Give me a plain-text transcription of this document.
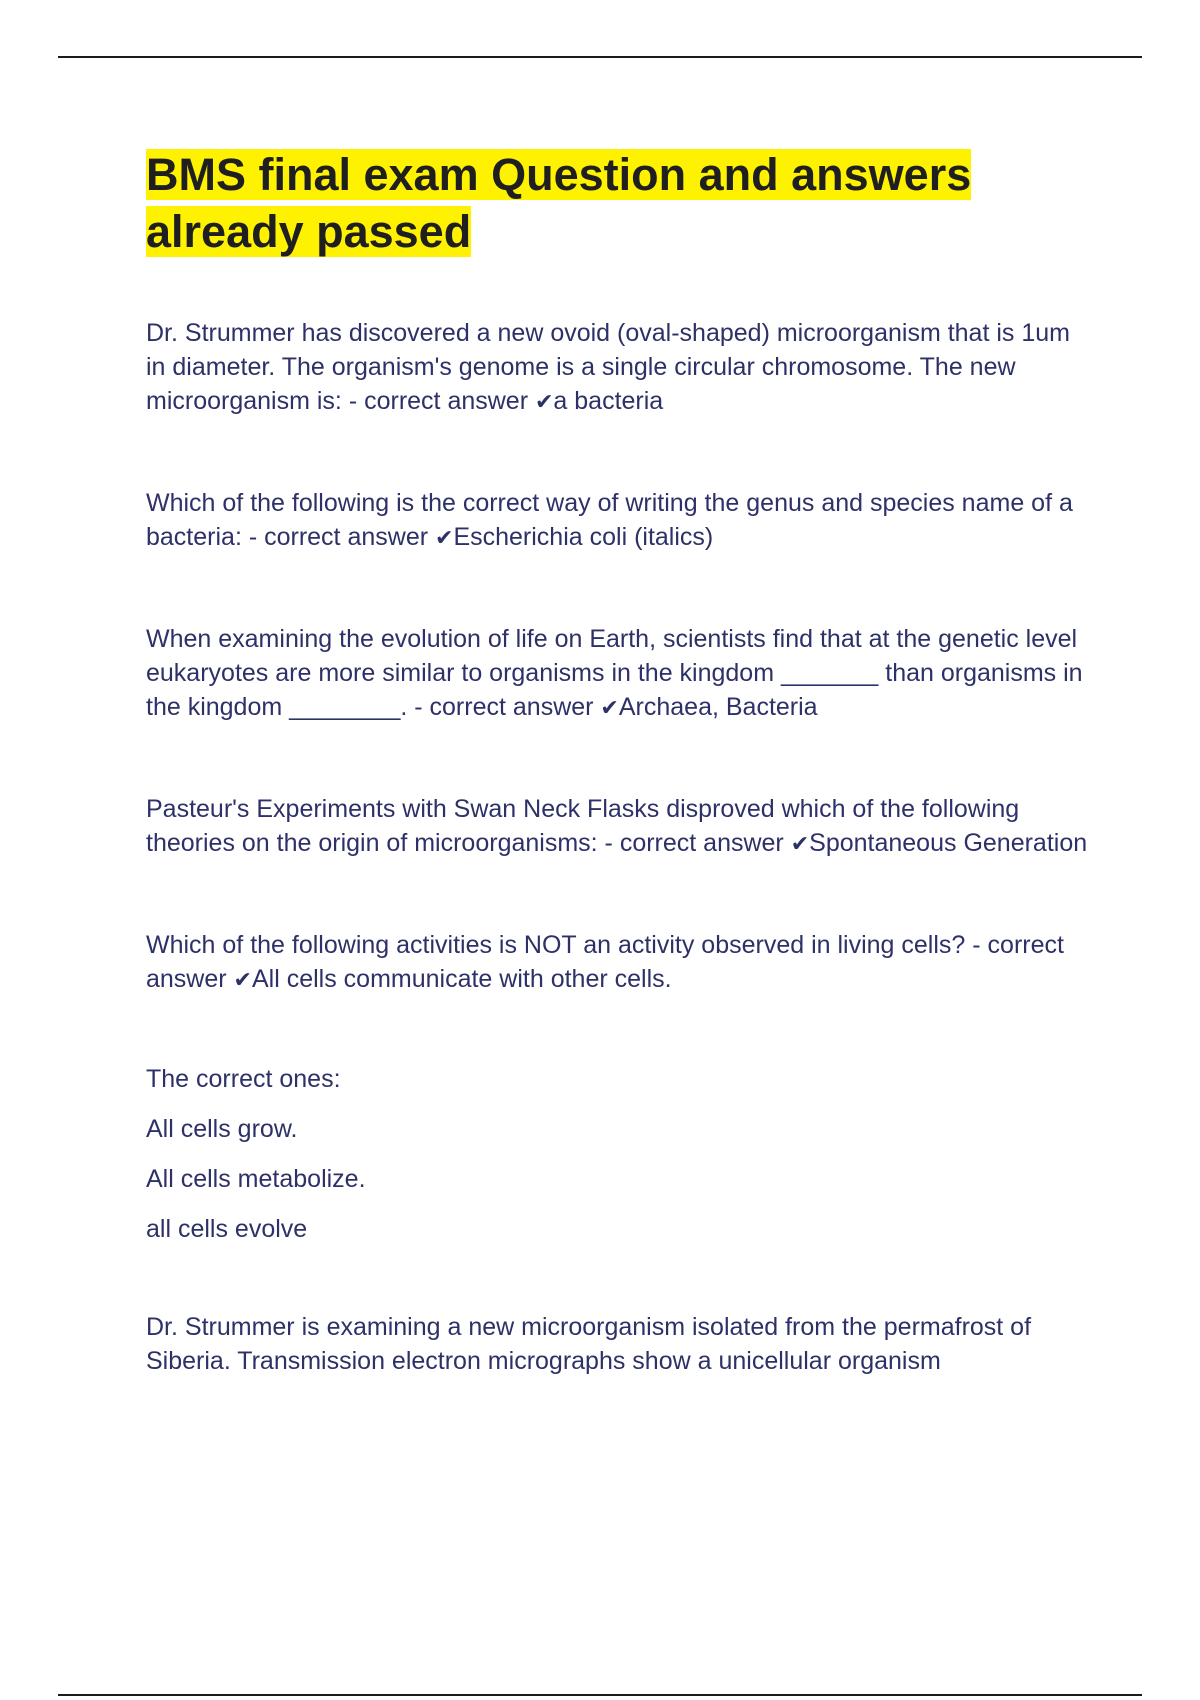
BMS final exam Question and answers already passed

Dr. Strummer has discovered a new ovoid (oval-shaped) microorganism that is 1um in diameter. The organism's genome is a single circular chromosome. The new microorganism is: - correct answer ✔a bacteria

Which of the following is the correct way of writing the genus and species name of a bacteria: - correct answer ✔Escherichia coli (italics)

When examining the evolution of life on Earth, scientists find that at the genetic level eukaryotes are more similar to organisms in the kingdom _______ than organisms in the kingdom ________. - correct answer ✔Archaea, Bacteria

Pasteur's Experiments with Swan Neck Flasks disproved which of the following theories on the origin of microorganisms: - correct answer ✔Spontaneous Generation

Which of the following activities is NOT an activity observed in living cells? - correct answer ✔All cells communicate with other cells.

The correct ones:

All cells grow.

All cells metabolize.

all cells evolve

Dr. Strummer is examining a new microorganism isolated from the permafrost of Siberia. Transmission electron micrographs show a unicellular organism
